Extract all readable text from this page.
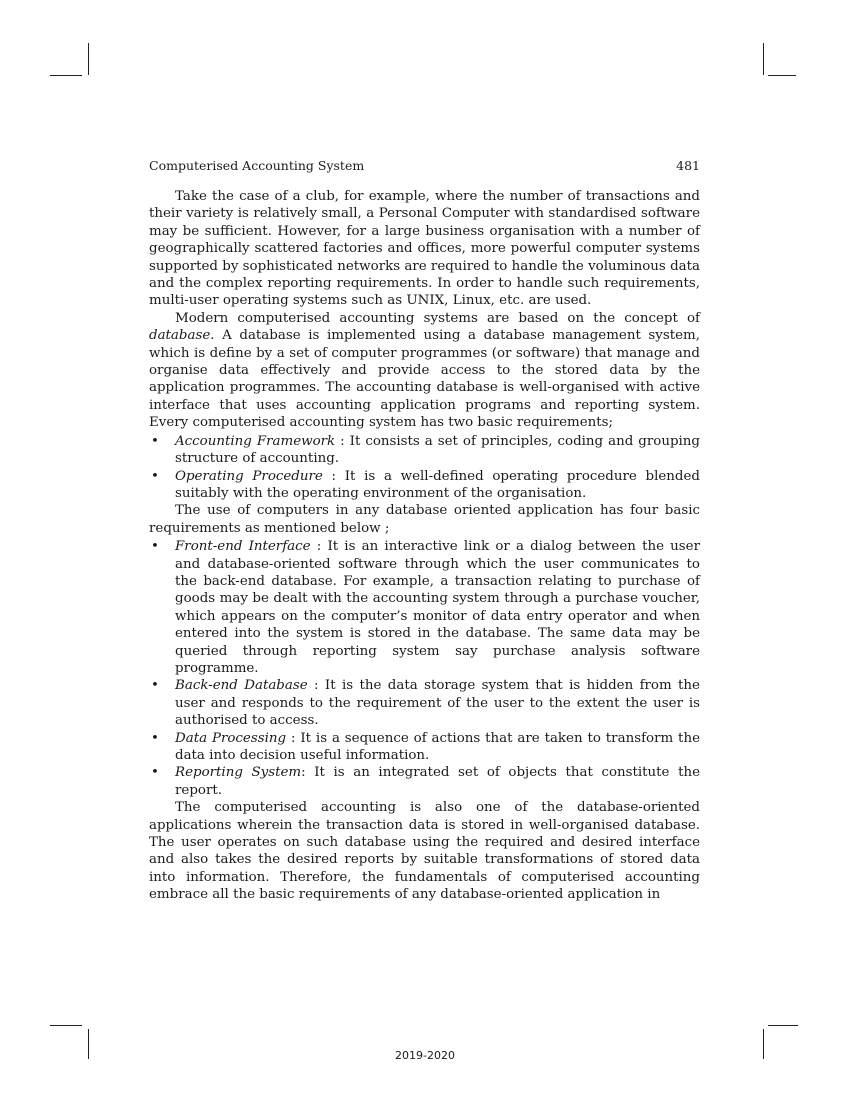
Computerised Accounting System	481

Take the case of a club, for example, where the number of transactions and their variety is relatively small, a Personal Computer with standardised software may be sufficient. However, for a large business organisation with a number of geographically scattered factories and offices, more powerful computer systems supported by sophisticated networks are required to handle the voluminous data and the complex reporting requirements. In order to handle such requirements, multi-user operating systems such as UNIX, Linux, etc. are used.

Modern computerised accounting systems are based on the concept of database. A database is implemented using a database management system, which is define by a set of computer programmes (or software) that manage and organise data effectively and provide access to the stored data by the application programmes. The accounting database is well-organised with active interface that uses accounting application programs and reporting system. Every computerised accounting system has two basic requirements;

• Accounting Framework : It consists a set of principles, coding and grouping structure of accounting.
• Operating Procedure : It is a well-defined operating procedure blended suitably with the operating environment of the organisation.

The use of computers in any database oriented application has four basic requirements as mentioned below ;

• Front-end Interface : It is an interactive link or a dialog between the user and database-oriented software through which the user communicates to the back-end database. For example, a transaction relating to purchase of goods may be dealt with the accounting system through a purchase voucher, which appears on the computer’s monitor of data entry operator and when entered into the system is stored in the database. The same data may be queried through reporting system say purchase analysis software programme.
• Back-end Database : It is the data storage system that is hidden from the user and responds to the requirement of the user to the extent the user is authorised to access.
• Data Processing : It is a sequence of actions that are taken to transform the data into decision useful information.
• Reporting System: It is an integrated set of objects that constitute the report.

The computerised accounting is also one of the database-oriented applications wherein the transaction data is stored in well-organised database. The user operates on such database using the required and desired interface and also takes the desired reports by suitable transformations of stored data into information. Therefore, the fundamentals of computerised accounting embrace all the basic requirements of any database-oriented application in

2019-2020
